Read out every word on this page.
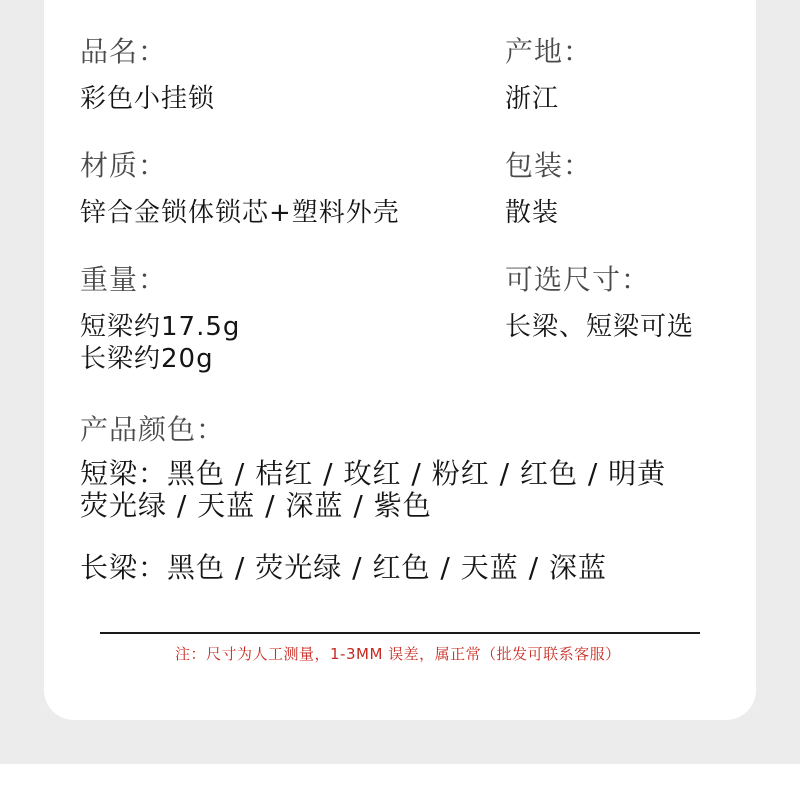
品名：
彩色小挂锁
产地：
浙江
材质：
锌合金锁体锁芯+塑料外壳
包装：
散装
重量：
短梁约17.5g
长梁约20g
可选尺寸：
长梁、短梁可选
产品颜色：
短梁：黑色 / 桔红 / 玫红 / 粉红 / 红色 / 明黄
荧光绿 / 天蓝 / 深蓝 / 紫色
长梁：黑色 / 荧光绿 / 红色 / 天蓝 / 深蓝
注：尺寸为人工测量，1-3MM 误差，属正常（批发可联系客服）
